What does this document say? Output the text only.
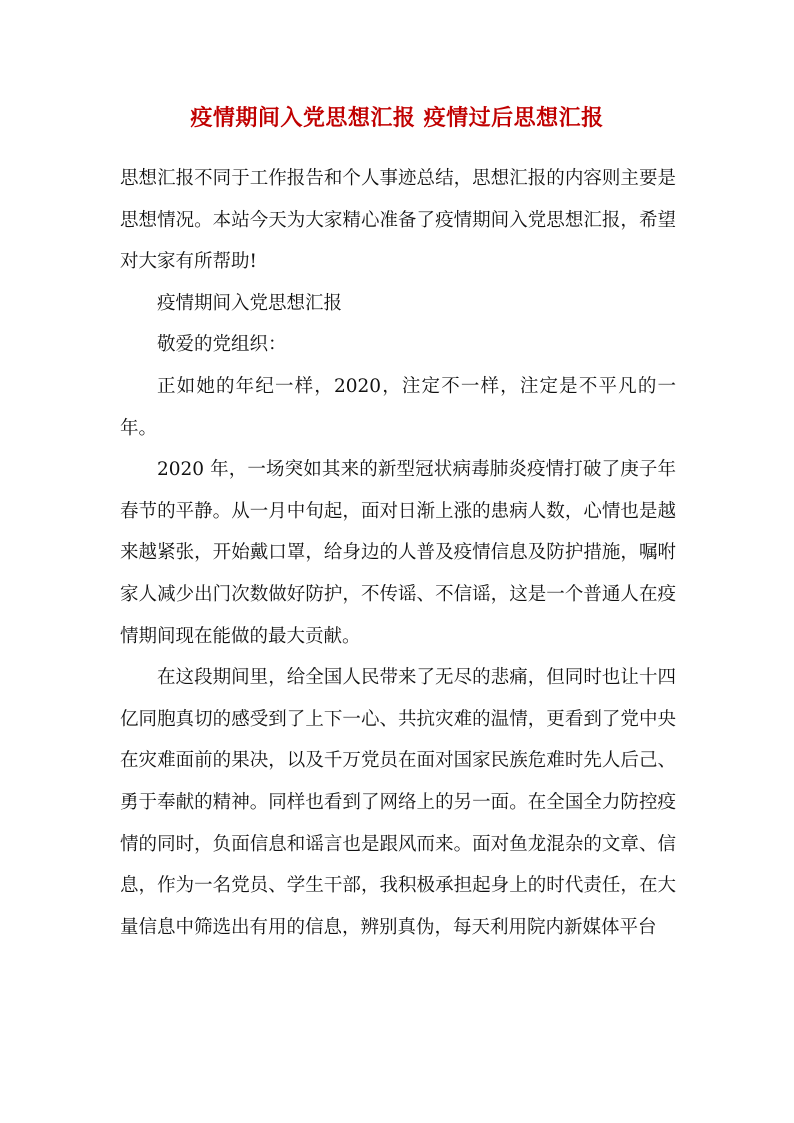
疫情期间入党思想汇报 疫情过后思想汇报

思想汇报不同于工作报告和个人事迹总结，思想汇报的内容则主要是思想情况。本站今天为大家精心准备了疫情期间入党思想汇报，希望对大家有所帮助!

疫情期间入党思想汇报

敬爱的党组织：

正如她的年纪一样，2020，注定不一样，注定是不平凡的一年。

2020 年，一场突如其来的新型冠状病毒肺炎疫情打破了庚子年春节的平静。从一月中旬起，面对日渐上涨的患病人数，心情也是越来越紧张，开始戴口罩，给身边的人普及疫情信息及防护措施，嘱咐家人减少出门次数做好防护，不传谣、不信谣，这是一个普通人在疫情期间现在能做的最大贡献。

在这段期间里，给全国人民带来了无尽的悲痛，但同时也让十四亿同胞真切的感受到了上下一心、共抗灾难的温情，更看到了党中央在灾难面前的果决，以及千万党员在面对国家民族危难时先人后己、勇于奉献的精神。同样也看到了网络上的另一面。在全国全力防控疫情的同时，负面信息和谣言也是跟风而来。面对鱼龙混杂的文章、信息，作为一名党员、学生干部，我积极承担起身上的时代责任，在大量信息中筛选出有用的信息，辨别真伪，每天利用院内新媒体平台
